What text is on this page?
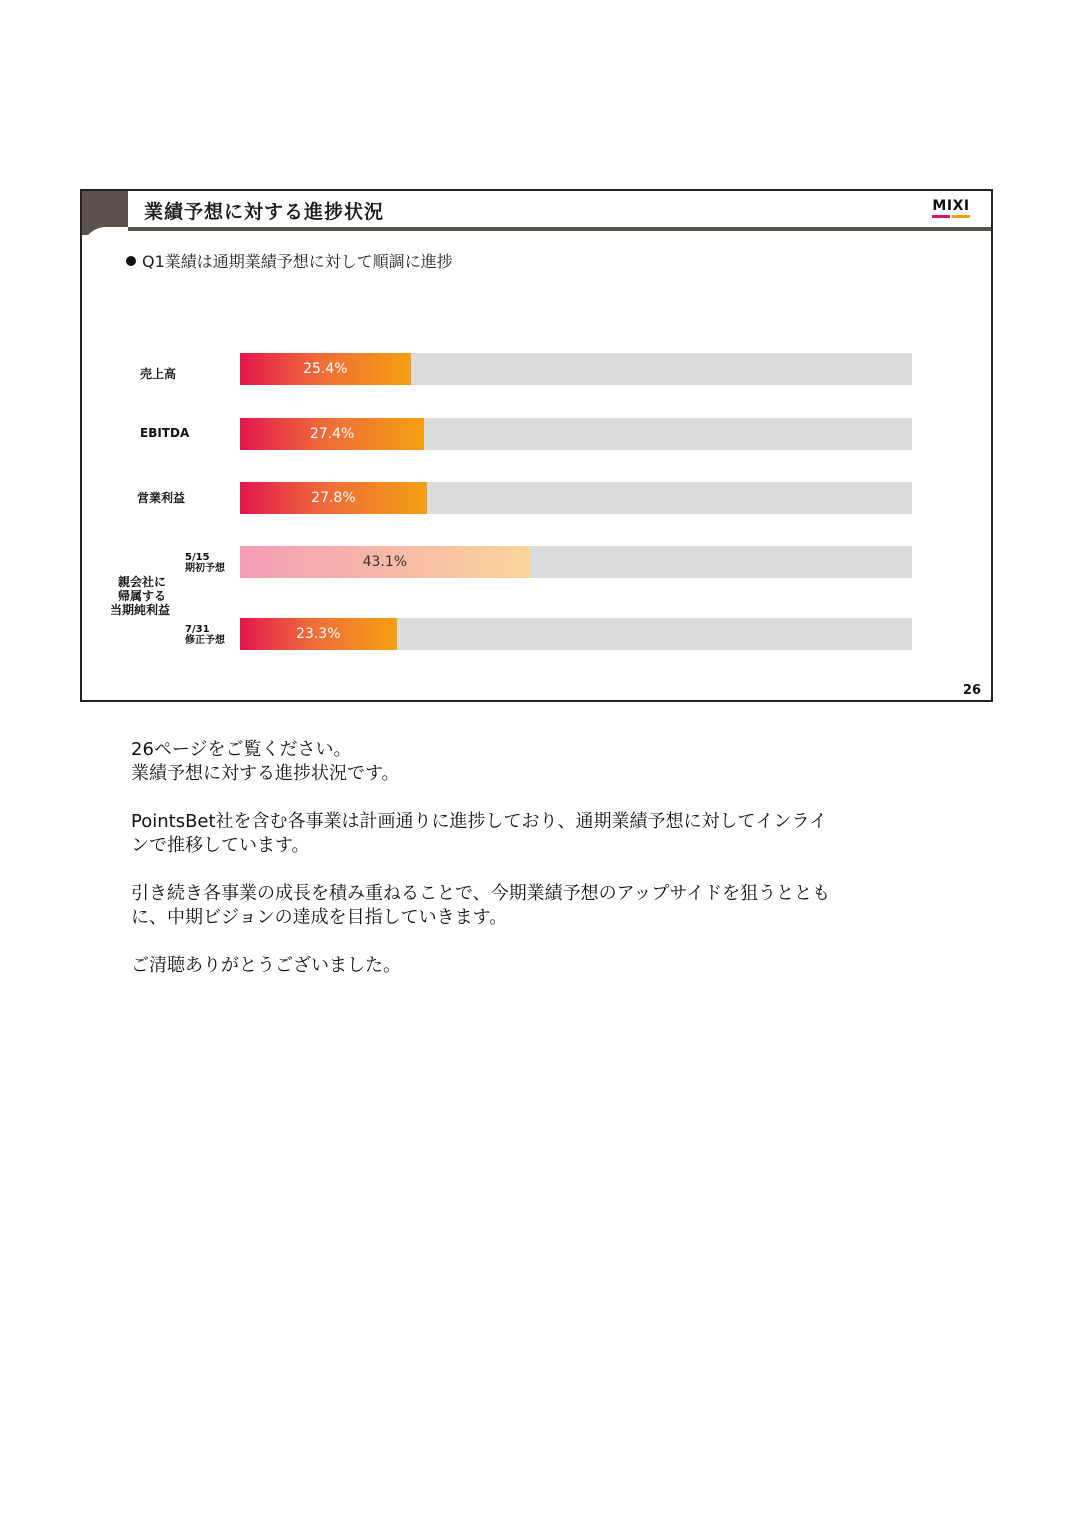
業績予想に対する進捗状況	MIXI
Q1業績は通期業績予想に対して順調に進捗
売上高
EBITDA
営業利益
親会社に
帰属する
当期純利益
5/15
期初予想
7/31
修正予想
25.4%
27.4%
27.8%
43.1%
23.3%
26

26ページをご覧ください。
業績予想に対する進捗状況です。

PointsBet社を含む各事業は計画通りに進捗しており、通期業績予想に対してインライ
ンで推移しています。

引き続き各事業の成長を積み重ねることで、今期業績予想のアップサイドを狙うととも
に、中期ビジョンの達成を目指していきます。

ご清聴ありがとうございました。
